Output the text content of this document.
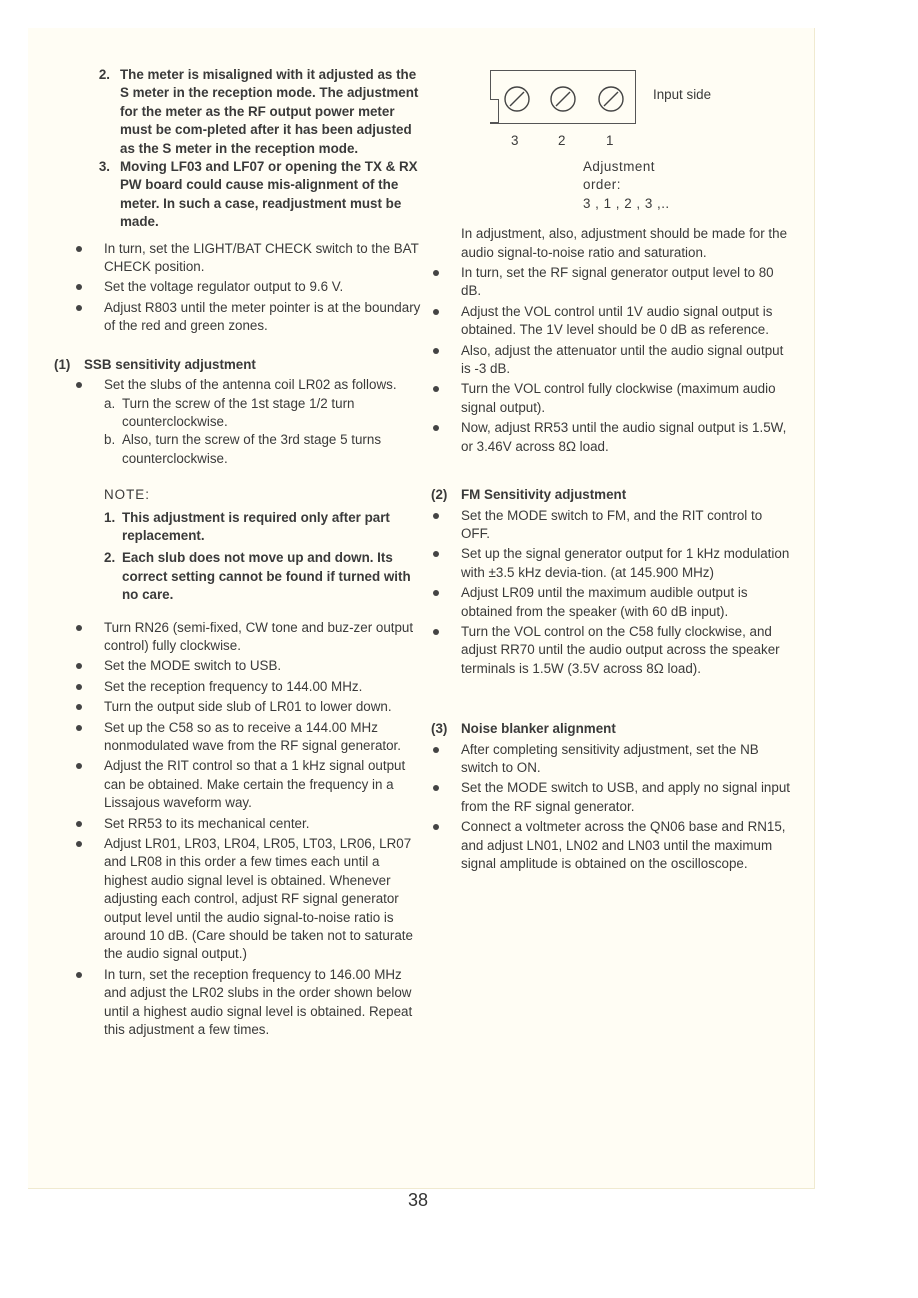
2. The meter is misaligned with it adjusted as the S meter in the reception mode. The adjustment for the meter as the RF output power meter must be com-pleted after it has been adjusted as the S meter in the reception mode.
3. Moving LF03 and LF07 or opening the TX & RX PW board could cause mis-alignment of the meter. In such a case, readjustment must be made.
In turn, set the LIGHT/BAT CHECK switch to the BAT CHECK position.
Set the voltage regulator output to 9.6 V.
Adjust R803 until the meter pointer is at the boundary of the red and green zones.
(1) SSB sensitivity adjustment
Set the slubs of the antenna coil LR02 as follows.
a. Turn the screw of the 1st stage 1/2 turn counterclockwise.
b. Also, turn the screw of the 3rd stage 5 turns counterclockwise.
NOTE:
1. This adjustment is required only after part replacement.
2. Each slub does not move up and down. Its correct setting cannot be found if turned with no care.
Turn RN26 (semi-fixed, CW tone and buz-zer output control) fully clockwise.
Set the MODE switch to USB.
Set the reception frequency to 144.00 MHz.
Turn the output side slub of LR01 to lower down.
Set up the C58 so as to receive a 144.00 MHz nonmodulated wave from the RF signal generator.
Adjust the RIT control so that a 1 kHz signal output can be obtained. Make certain the frequency in a Lissajous waveform way.
Set RR53 to its mechanical center.
Adjust LR01, LR03, LR04, LR05, LT03, LR06, LR07 and LR08 in this order a few times each until a highest audio signal level is obtained. Whenever adjusting each control, adjust RF signal generator output level until the audio signal-to-noise ratio is around 10 dB. (Care should be taken not to saturate the audio signal output.)
In turn, set the reception frequency to 146.00 MHz and adjust the LR02 slubs in the order shown below until a highest audio signal level is obtained. Repeat this adjustment a few times.
Input side
3	2	1
Adjustment order:
3 , 1 , 2 , 3 ,..
In adjustment, also, adjustment should be made for the audio signal-to-noise ratio and saturation.
In turn, set the RF signal generator output level to 80 dB.
Adjust the VOL control until 1V audio signal output is obtained. The 1V level should be 0 dB as reference.
Also, adjust the attenuator until the audio signal output is -3 dB.
Turn the VOL control fully clockwise (maximum audio signal output).
Now, adjust RR53 until the audio signal output is 1.5W, or 3.46V across 8Ω load.
(2) FM Sensitivity adjustment
Set the MODE switch to FM, and the RIT control to OFF.
Set up the signal generator output for 1 kHz modulation with ±3.5 kHz devia-tion. (at 145.900 MHz)
Adjust LR09 until the maximum audible output is obtained from the speaker (with 60 dB input).
Turn the VOL control on the C58 fully clockwise, and adjust RR70 until the audio output across the speaker terminals is 1.5W (3.5V across 8Ω load).
(3) Noise blanker alignment
After completing sensitivity adjustment, set the NB switch to ON.
Set the MODE switch to USB, and apply no signal input from the RF signal generator.
Connect a voltmeter across the QN06 base and RN15, and adjust LN01, LN02 and LN03 until the maximum signal amplitude is obtained on the oscilloscope.
38
